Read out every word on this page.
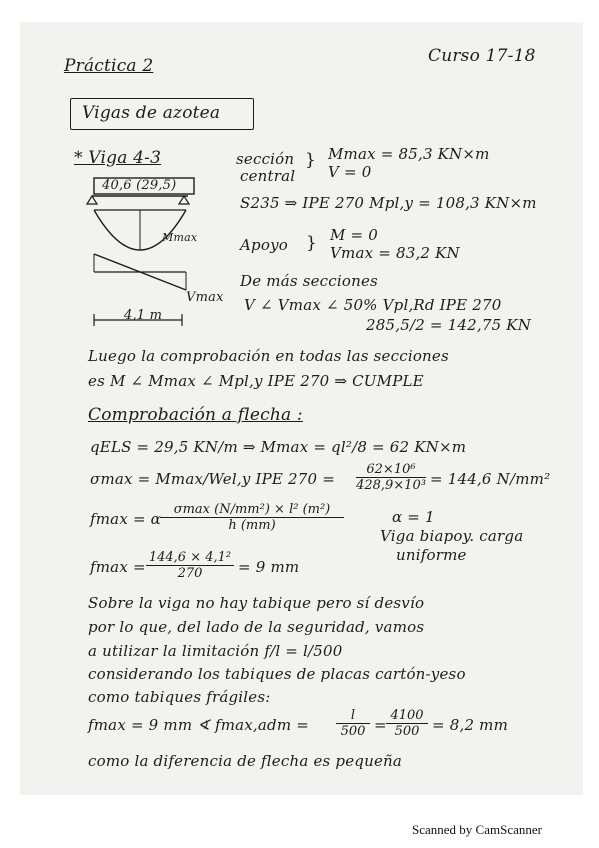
Práctica 2	Curso 17-18
Vigas de azotea
* Viga 4-3
40,6 (29,5)
Mmax
Vmax
4,1 m
sección
central
} Mmax = 85,3 KN×m
V = 0
S235 ⇒ IPE 270 Mpl,y = 108,3 KN×m
Apoyo } M = 0
Vmax = 83,2 KN
De más secciones
V ∠ Vmax ∠ 50% Vpl,Rd IPE 270
285,5/2 = 142,75 KN
Luego la comprobación en todas las secciones
es M ∠ Mmax ∠ Mpl,y IPE 270 ⇒ CUMPLE
Comprobación a flecha :
qELS = 29,5 KN/m ⇒ Mmax = ql²/8 = 62 KN×m
σmax = Mmax/Wel,y IPE $270 = \frac{\text{62×10⁶}}{\text{428,9×10³}} = 144,6$ N/mm²
fmax = α
σmax (N/mm²) × l² (m²)
h (mm)	α = 1
Viga biapoy. carga
uniforme
$fmax = \frac{\text{144,6 × 4,1²}}{270} = 9$ mm
Sobre la viga no hay tabique pero sí desvío
por lo que, del lado de la seguridad, vamos
a utilizar la limitación f/l = l/500
considerando los tabiques de placas cartón-yeso
como tabiques frágiles:
fmax = 9 mm ∢ $fmax,adm = \frac{l}{500} = \frac{4100}{500} = 8,2$ mm
como la diferencia de flecha es pequeña
Scanned by CamScanner
